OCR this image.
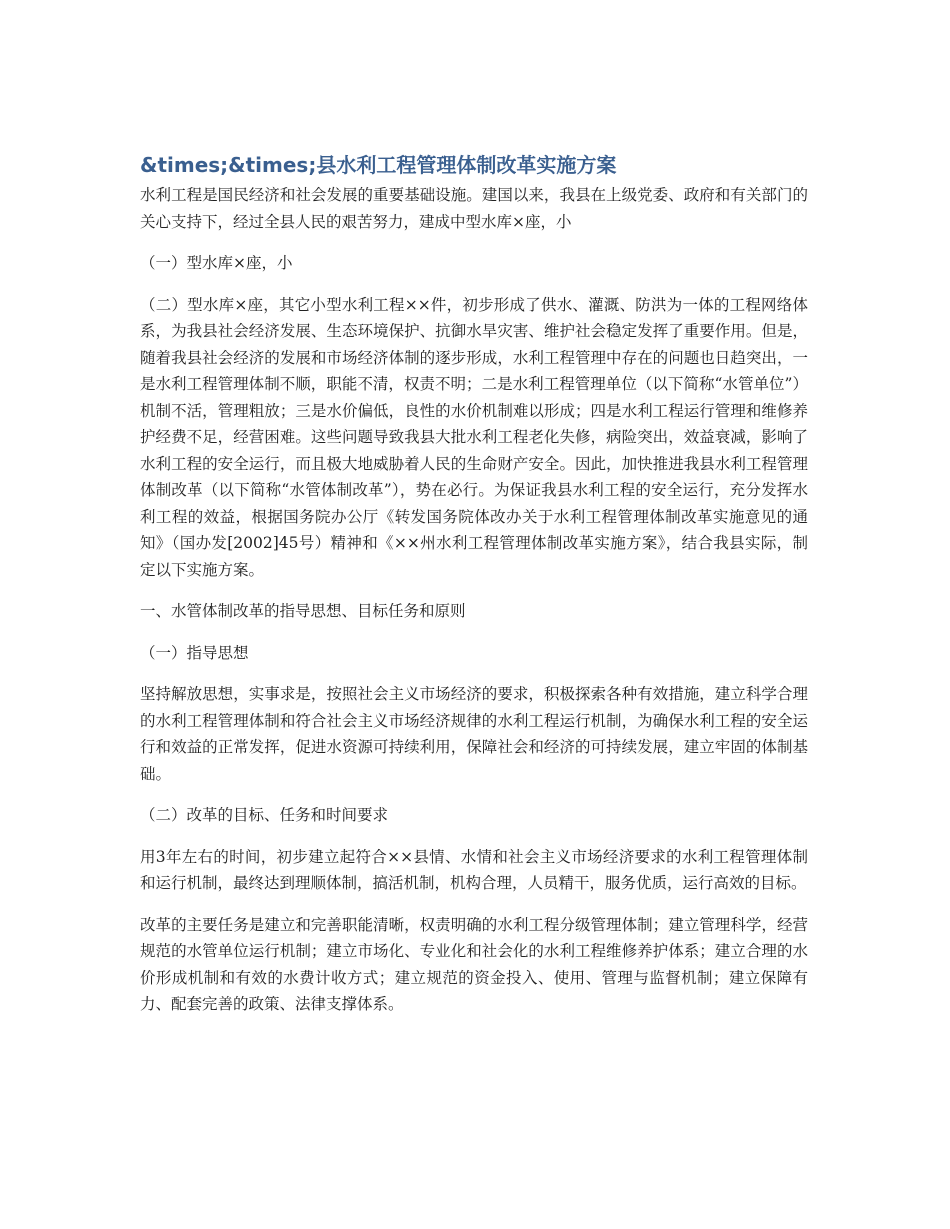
&times;&times;县水利工程管理体制改革实施方案

水利工程是国民经济和社会发展的重要基础设施。建国以来，我县在上级党委、政府和有关部门的关心支持下，经过全县人民的艰苦努力，建成中型水库×座，小

（一）型水库×座，小

（二）型水库×座，其它小型水利工程××件，初步形成了供水、灌溉、防洪为一体的工程网络体系，为我县社会经济发展、生态环境保护、抗御水旱灾害、维护社会稳定发挥了重要作用。但是，随着我县社会经济的发展和市场经济体制的逐步形成，水利工程管理中存在的问题也日趋突出，一是水利工程管理体制不顺，职能不清，权责不明；二是水利工程管理单位（以下简称“水管单位”）机制不活，管理粗放；三是水价偏低，良性的水价机制难以形成；四是水利工程运行管理和维修养护经费不足，经营困难。这些问题导致我县大批水利工程老化失修，病险突出，效益衰减，影响了水利工程的安全运行，而且极大地威胁着人民的生命财产安全。因此，加快推进我县水利工程管理体制改革（以下简称“水管体制改革”），势在必行。为保证我县水利工程的安全运行，充分发挥水利工程的效益，根据国务院办公厅《转发国务院体改办关于水利工程管理体制改革实施意见的通知》（国办发[2002]45号）精神和《××州水利工程管理体制改革实施方案》，结合我县实际，制定以下实施方案。

一、水管体制改革的指导思想、目标任务和原则

（一）指导思想

坚持解放思想，实事求是，按照社会主义市场经济的要求，积极探索各种有效措施，建立科学合理的水利工程管理体制和符合社会主义市场经济规律的水利工程运行机制，为确保水利工程的安全运行和效益的正常发挥，促进水资源可持续利用，保障社会和经济的可持续发展，建立牢固的体制基础。

（二）改革的目标、任务和时间要求

用3年左右的时间，初步建立起符合××县情、水情和社会主义市场经济要求的水利工程管理体制和运行机制，最终达到理顺体制，搞活机制，机构合理，人员精干，服务优质，运行高效的目标。

改革的主要任务是建立和完善职能清晰，权责明确的水利工程分级管理体制；建立管理科学，经营规范的水管单位运行机制；建立市场化、专业化和社会化的水利工程维修养护体系；建立合理的水价形成机制和有效的水费计收方式；建立规范的资金投入、使用、管理与监督机制；建立保障有力、配套完善的政策、法律支撑体系。
